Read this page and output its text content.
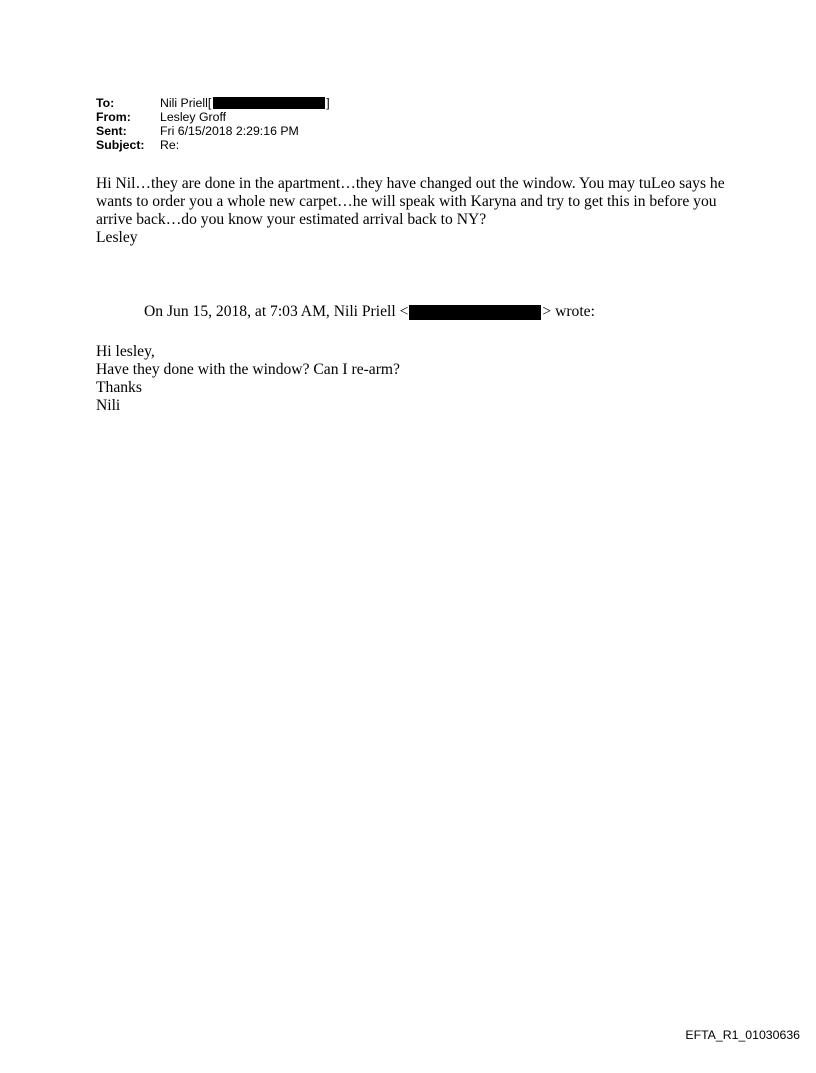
To:	Nili Priell[	]
From:	Lesley Groff
Sent:	Fri 6/15/2018 2:29:16 PM
Subject:	Re:

Hi Nil…they are done in the apartment…they have changed out the window. You may tuLeo says he wants to order you a whole new carpet…he will speak with Karyna and try to get this in before you arrive back…do you know your estimated arrival back to NY?

Lesley

On Jun 15, 2018, at 7:03 AM, Nili Priell <	> wrote:

Hi lesley,

Have they done with the window? Can I re-arm?

Thanks

Nili

EFTA_R1_01030636
